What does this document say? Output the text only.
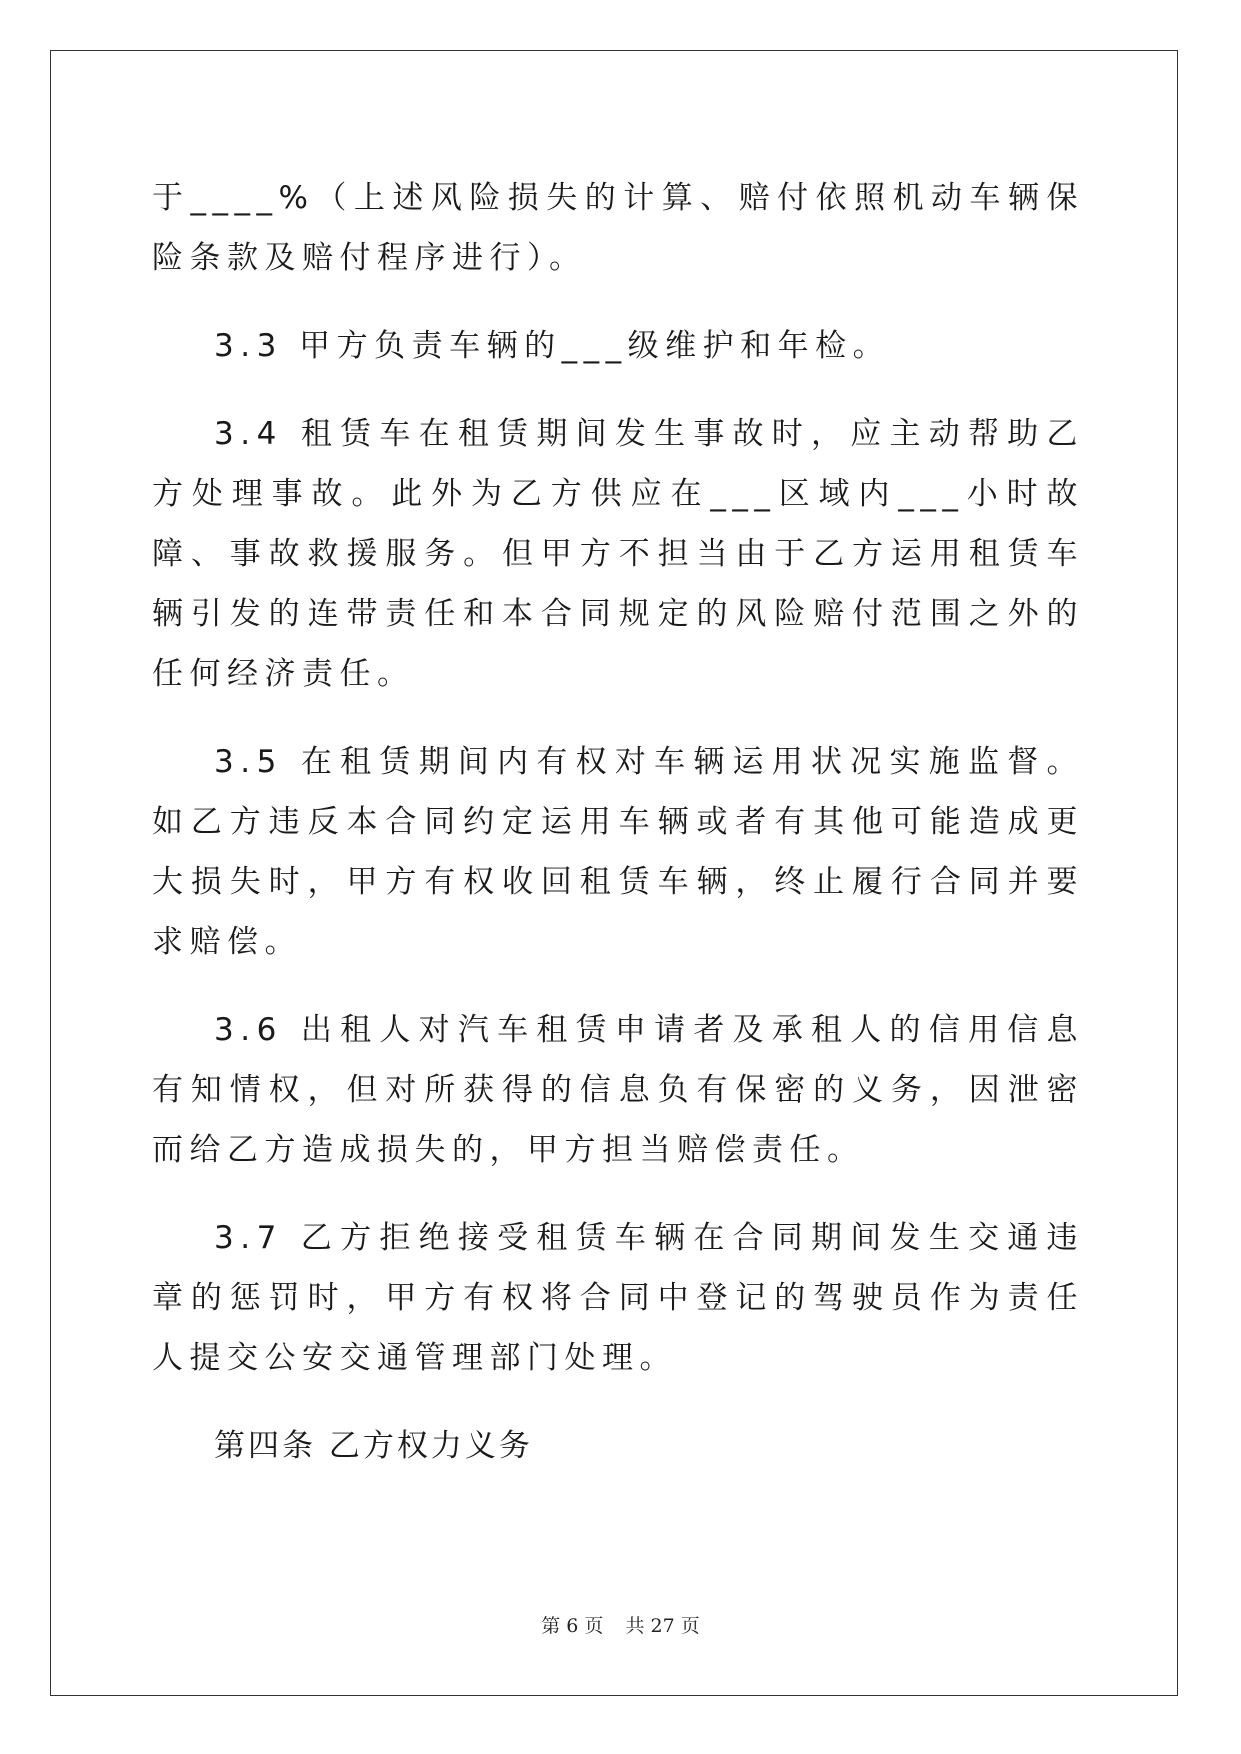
于____%（上述风险损失的计算、赔付依照机动车辆保险条款及赔付程序进行）。

3.3 甲方负责车辆的___级维护和年检。

3.4 租赁车在租赁期间发生事故时，应主动帮助乙方处理事故。此外为乙方供应在___区域内___小时故障、事故救援服务。但甲方不担当由于乙方运用租赁车辆引发的连带责任和本合同规定的风险赔付范围之外的任何经济责任。

3.5 在租赁期间内有权对车辆运用状况实施监督。如乙方违反本合同约定运用车辆或者有其他可能造成更大损失时，甲方有权收回租赁车辆，终止履行合同并要求赔偿。

3.6 出租人对汽车租赁申请者及承租人的信用信息有知情权，但对所获得的信息负有保密的义务，因泄密而给乙方造成损失的，甲方担当赔偿责任。

3.7 乙方拒绝接受租赁车辆在合同期间发生交通违章的惩罚时，甲方有权将合同中登记的驾驶员作为责任人提交公安交通管理部门处理。

第四条 乙方权力义务

第 6 页 共 27 页
